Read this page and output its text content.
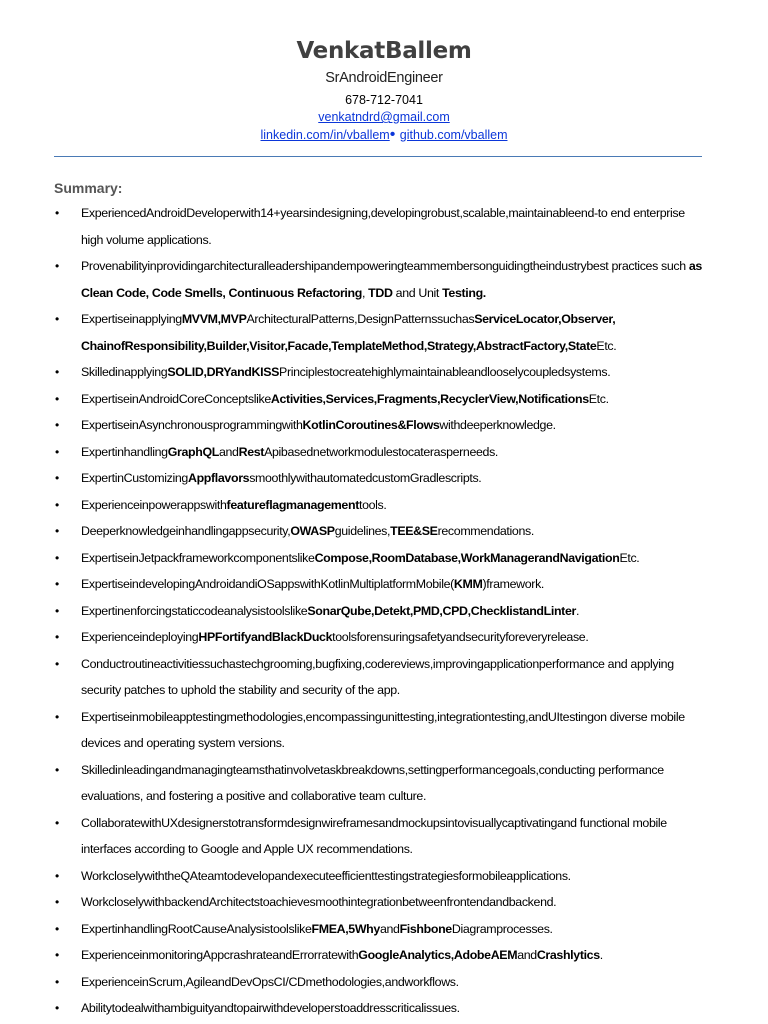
VenkatBallem
SrAndroidEngineer
678-712-7041
venkatndrd@gmail.com
linkedin.com/in/vballem• github.com/vballem
Summary:
• ExperiencedAndroidDeveloperwith14+yearsindesigning,developingrobust,scalable,maintainableend-to end enterprise high volume applications.
• Provenabilityinprovidingarchitecturalleadershipandempoweringteammembersonguidingtheindustrybest practices such as Clean Code, Code Smells, Continuous Refactoring, TDD and Unit Testing.
• ExpertiseinapplyingMVVM,MVPArchitecturalPatterns,DesignPatternssuchasServiceLocator,Observer, ChainofResponsibility,Builder,Visitor,Facade,TemplateMethod,Strategy,AbstractFactory,StateEtc.
• SkilledinapplyingSOLID,DRYandKISSPrinciplestocreatehighlymaintainableandlooselycoupledsystems.
• ExpertiseinAndroidCoreConceptslikeActivities,Services,Fragments,RecyclerView,NotificationsEtc.
• ExpertiseinAsynchronousprogrammingwithKotlinCoroutines&Flowswithdeeperknowledge.
• ExpertinhandlingGraphQLandRestApibasednetworkmodulestocaterasperneeds.
• ExpertinCustomizingAppflavorssmoothlywithautomatedcustomGradlescripts.
• Experienceinpowerappswithfeatureflagmanagementtools.
• Deeperknowledgeinhandlingappsecurity,OWASPguidelines,TEE&SErecommendations.
• ExpertiseinJetpackframeworkcomponentslikeCompose,RoomDatabase,WorkManagerandNavigationEtc.
• ExpertiseindevelopingAndroidandiOSappswithKotlinMultiplatformMobile(KMM)framework.
• ExpertinenforcingstaticcodeanalysistoolslikeSonarQube,Detekt,PMD,CPD,ChecklistandLinter.
• ExperienceindeployingHPFortifyandBlackDucktoolsforensuringsafetyandsecurityforeveryrelease.
• Conductroutineactivitiessuchastechgrooming,bugfixing,codereviews,improvingapplicationperformance and applying security patches to uphold the stability and security of the app.
• Expertiseinmobileapptestingmethodologies,encompassingunittesting,integrationtesting,andUItestingon diverse mobile devices and operating system versions.
• Skilledinleadingandmanagingteamsthatinvolvetaskbreakdowns,settingperformancegoals,conducting performance evaluations, and fostering a positive and collaborative team culture.
• CollaboratewithUXdesignerstotransformdesignwireframesandmockupsintovisuallycaptivatingand functional mobile interfaces according to Google and Apple UX recommendations.
• WorkcloselywiththeQAteamtodevelopandexecuteefficienttestingstrategiesformobileapplications.
• WorkcloselywithbackendArchitectstoachievesmoothintegrationbetweenfrontendandbackend.
• ExpertinhandlingRootCauseAnalysistoolslikeFMEA,5WhyandFishboneDiagramprocesses.
• ExperienceinmonitoringAppcrashrateandErrorratewithGoogleAnalytics,AdobeAEMandCrashlytics.
• ExperienceinScrum,AgileandDevOpsCI/CDmethodologies,andworkflows.
• Abilitytodealwithambiguityandtopairwithdeveloperstoaddresscriticalissues.
